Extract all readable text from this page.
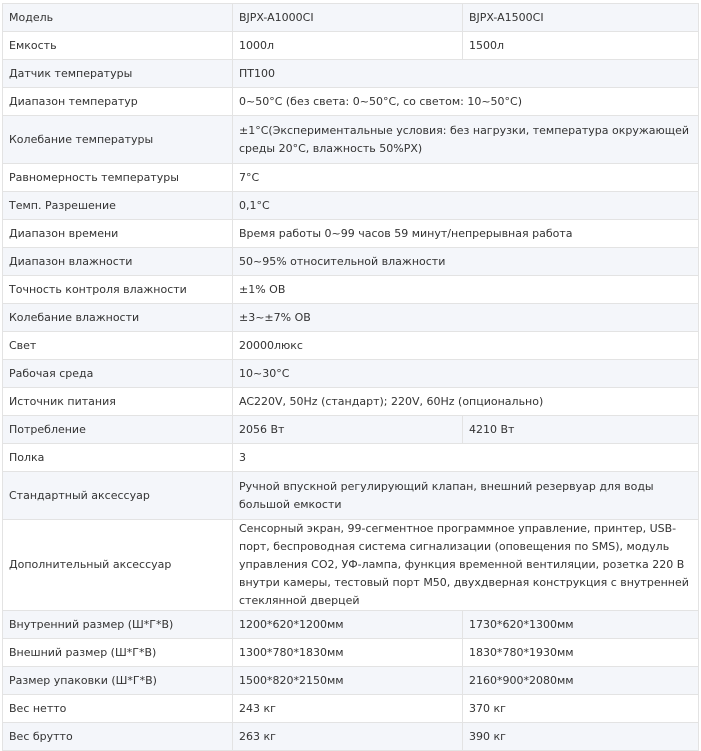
Модель	BJPX-A1000CI	BJPX-A1500CI
Емкость	1000л	1500л
Датчик температуры	ПТ100	
Диапазон температур	0~50°C (без света: 0~50°C, со светом: 10~50°C)	
Колебание температуры	±1°C(Экспериментальные условия: без нагрузки, температура окружающей среды 20°C, влажность 50%РХ)	
Равномерность температуры	7°C	
Темп. Разрешение	0,1°C	
Диапазон времени	Время работы 0~99 часов 59 минут/непрерывная работа	
Диапазон влажности	50~95% относительной влажности	
Точность контроля влажности	±1% ОВ	
Колебание влажности	±3~±7% ОВ	
Свет	20000люкс	
Рабочая среда	10~30°C	
Источник питания	AC220V, 50Hz (стандарт); 220V, 60Hz (опционально)	
Потребление	2056 Вт	4210 Вт
Полка	3	
Стандартный аксессуар	Ручной впускной регулирующий клапан, внешний резервуар для воды большой емкости	
Дополнительный аксессуар	Сенсорный экран, 99-сегментное программное управление, принтер, USB-порт, беспроводная система сигнализации (оповещения по SMS), модуль управления CO2, УФ-лампа, функция временной вентиляции, розетка 220 В внутри камеры, тестовый порт M50, двухдверная конструкция с внутренней стеклянной дверцей	
Внутренний размер (Ш*Г*В)	1200*620*1200мм	1730*620*1300мм
Внешний размер (Ш*Г*В)	1300*780*1830мм	1830*780*1930мм
Размер упаковки (Ш*Г*В)	1500*820*2150мм	2160*900*2080мм
Вес нетто	243 кг	370 кг
Вес брутто	263 кг	390 кг
